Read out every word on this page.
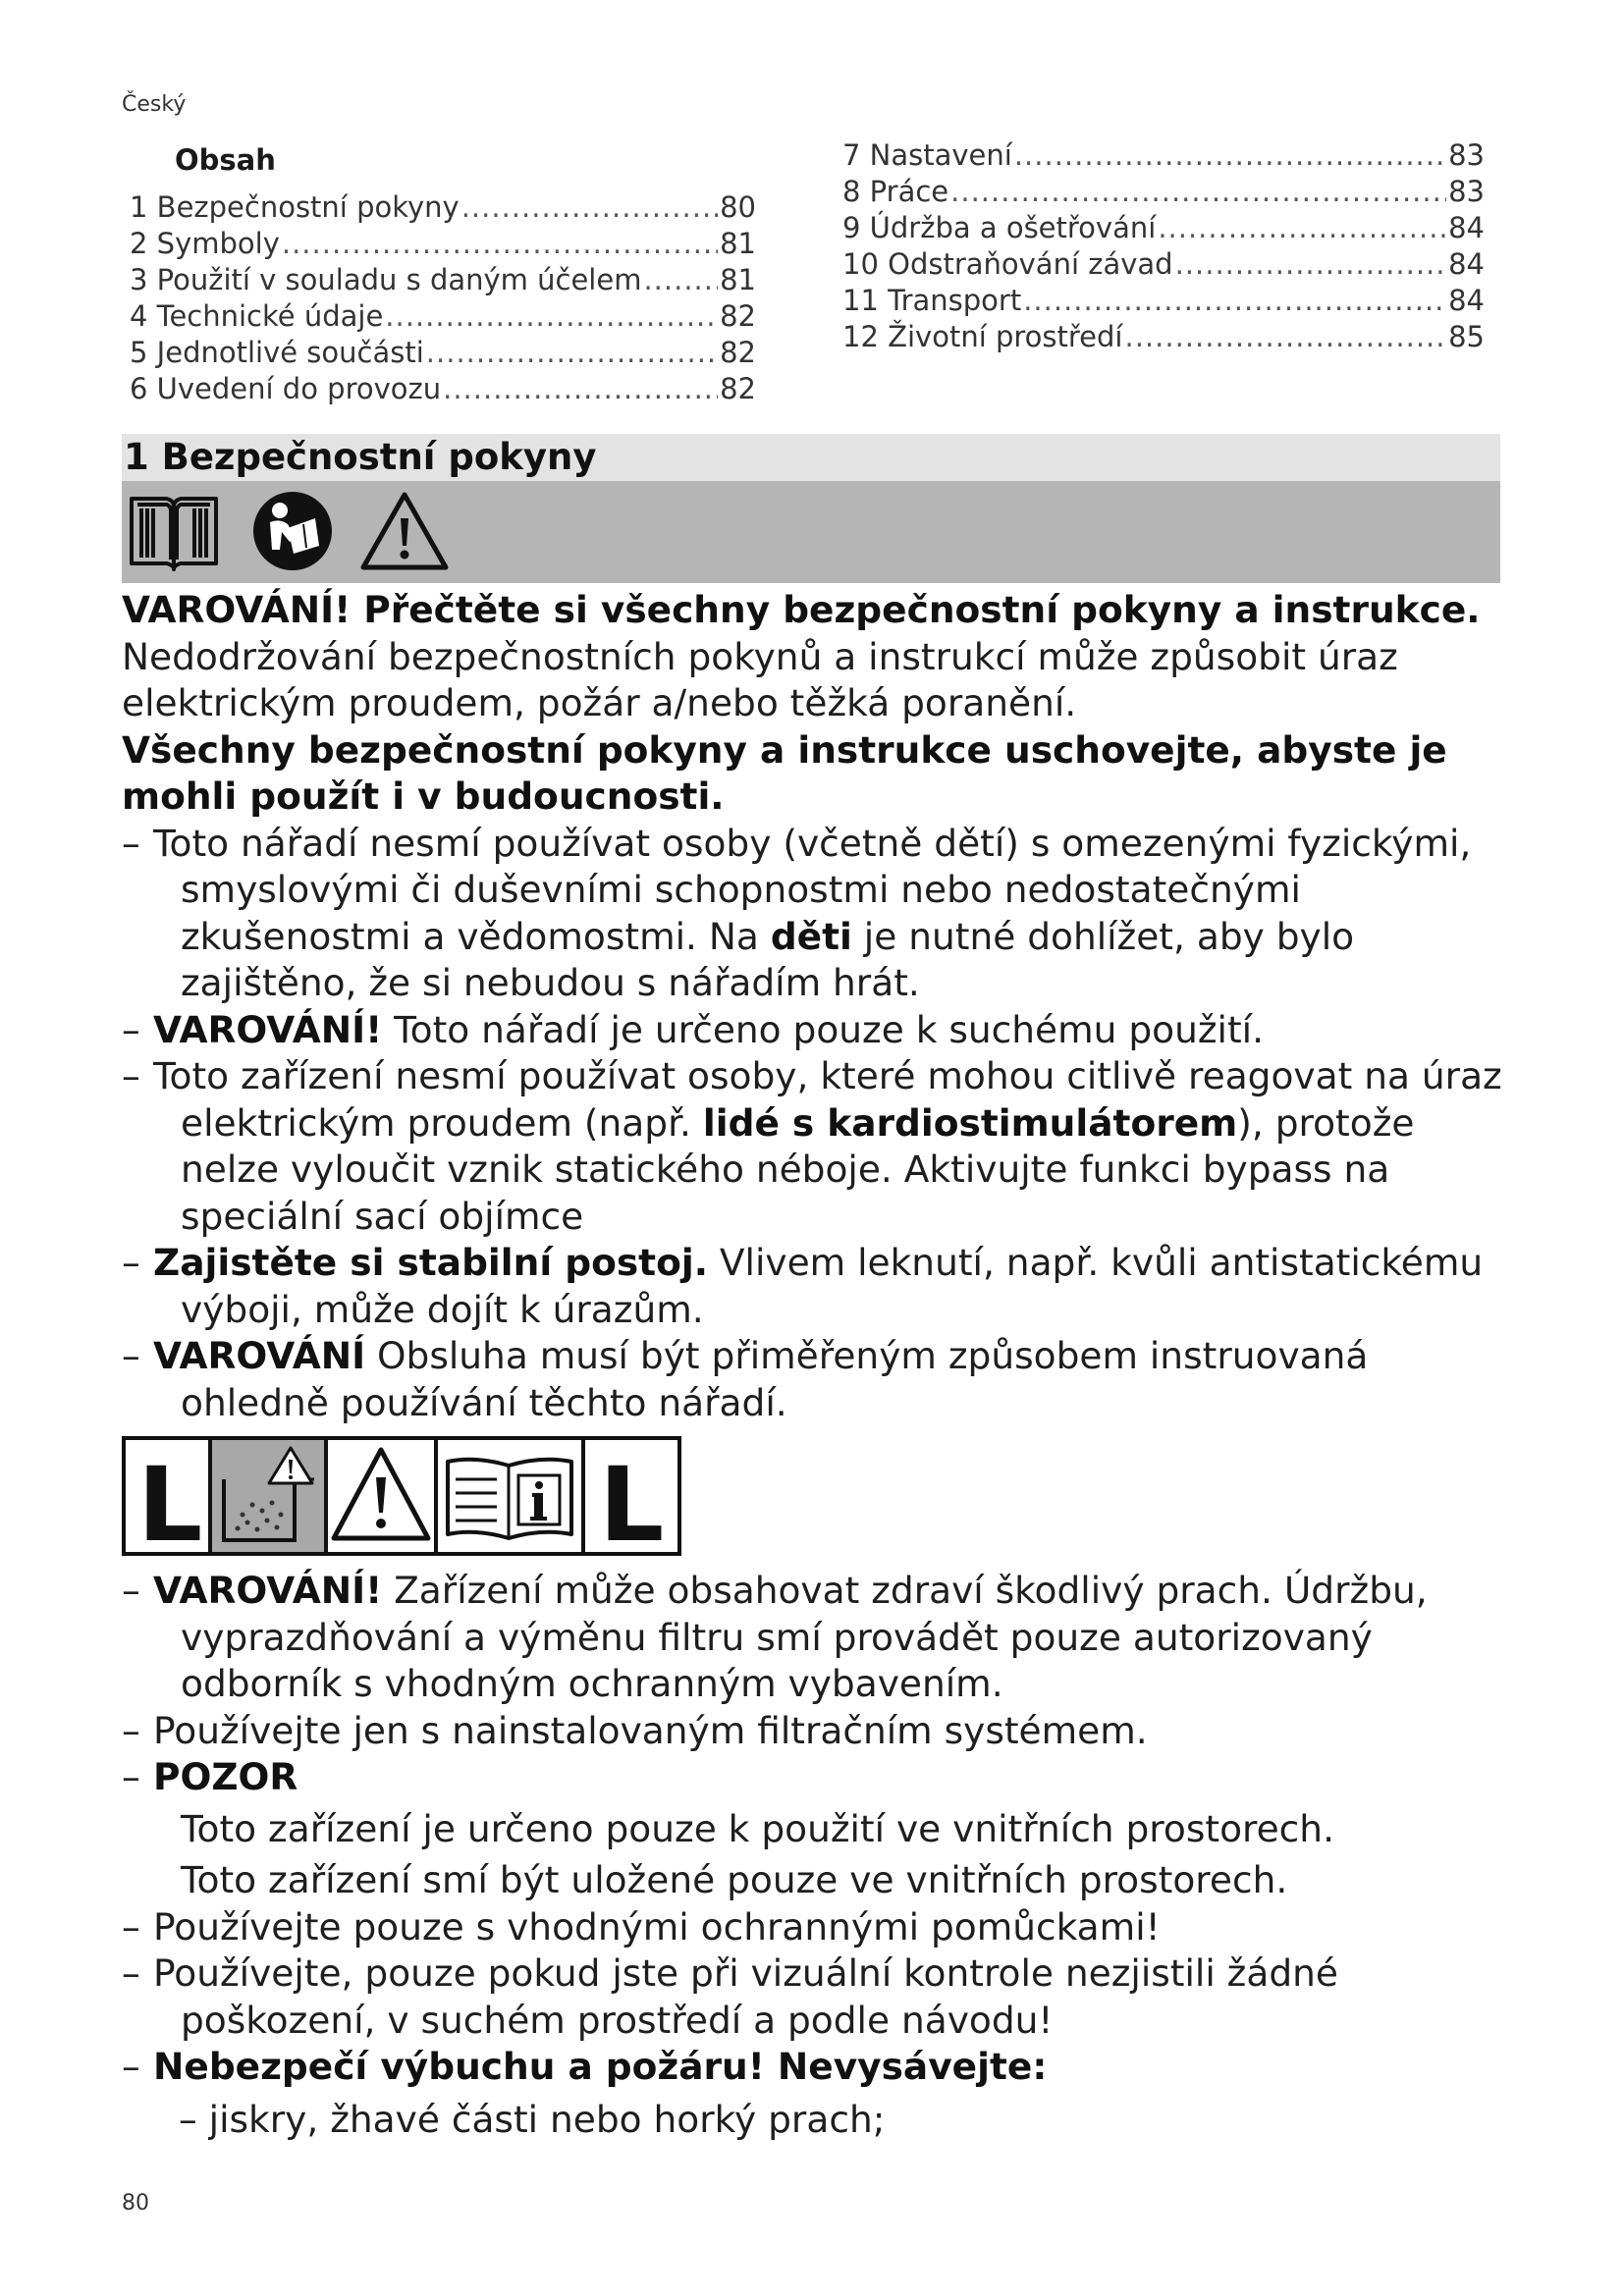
Český
Obsah
1 Bezpečnostní pokyny .....	80
2 Symboly .....	81
3 Použití v souladu s daným účelem .....	81
4 Technické údaje .....	82
5 Jednotlivé součásti .....	82
6 Uvedení do provozu .....	82
7 Nastavení .....	83
8 Práce .....	83
9 Údržba a ošetřování .....	84
10 Odstraňování závad .....	84
11 Transport .....	84
12 Životní prostředí .....	85
1 Bezpečnostní pokyny

VAROVÁNÍ! Přečtěte si všechny bezpečnostní pokyny a instrukce. Nedodržování bezpečnostních pokynů a instrukcí může způsobit úraz elektrickým proudem, požár a/nebo těžká poranění.

Všechny bezpečnostní pokyny a instrukce uschovejte, abyste je mohli použít i v budoucnosti.

– Toto nářadí nesmí používat osoby (včetně dětí) s omezenými fyzickými, smyslovými či duševními schopnostmi nebo nedostatečnými zkušenostmi a vědomostmi. Na děti je nutné dohlížet, aby bylo zajištěno, že si nebudou s nářadím hrát.

– VAROVÁNÍ! Toto nářadí je určeno pouze k suchému použití.

– Toto zařízení nesmí používat osoby, které mohou citlivě reagovat na úraz elektrickým proudem (např. lidé s kardiostimulátorem), protože nelze vyloučit vznik statického néboje. Aktivujte funkci bypass na speciální sací objímce

– Zajistěte si stabilní postoj. Vlivem leknutí, např. kvůli antistatickému výboji, může dojít k úrazům.

– VAROVÁNÍ Obsluha musí být přiměřeným způsobem instruovaná ohledně používání těchto nářadí.

L	L

– VAROVÁNÍ! Zařízení může obsahovat zdraví škodlivý prach. Údržbu, vyprazdňování a výměnu filtru smí provádět pouze autorizovaný odborník s vhodným ochranným vybavením.

– Používejte jen s nainstalovaným filtračním systémem.

– POZOR

Toto zařízení je určeno pouze k použití ve vnitřních prostorech.

Toto zařízení smí být uložené pouze ve vnitřních prostorech.

– Používejte pouze s vhodnými ochrannými pomůckami!

– Používejte, pouze pokud jste při vizuální kontrole nezjistili žádné poškození, v suchém prostředí a podle návodu!

– Nebezpečí výbuchu a požáru! Nevysávejte:

– jiskry, žhavé části nebo horký prach;

80
